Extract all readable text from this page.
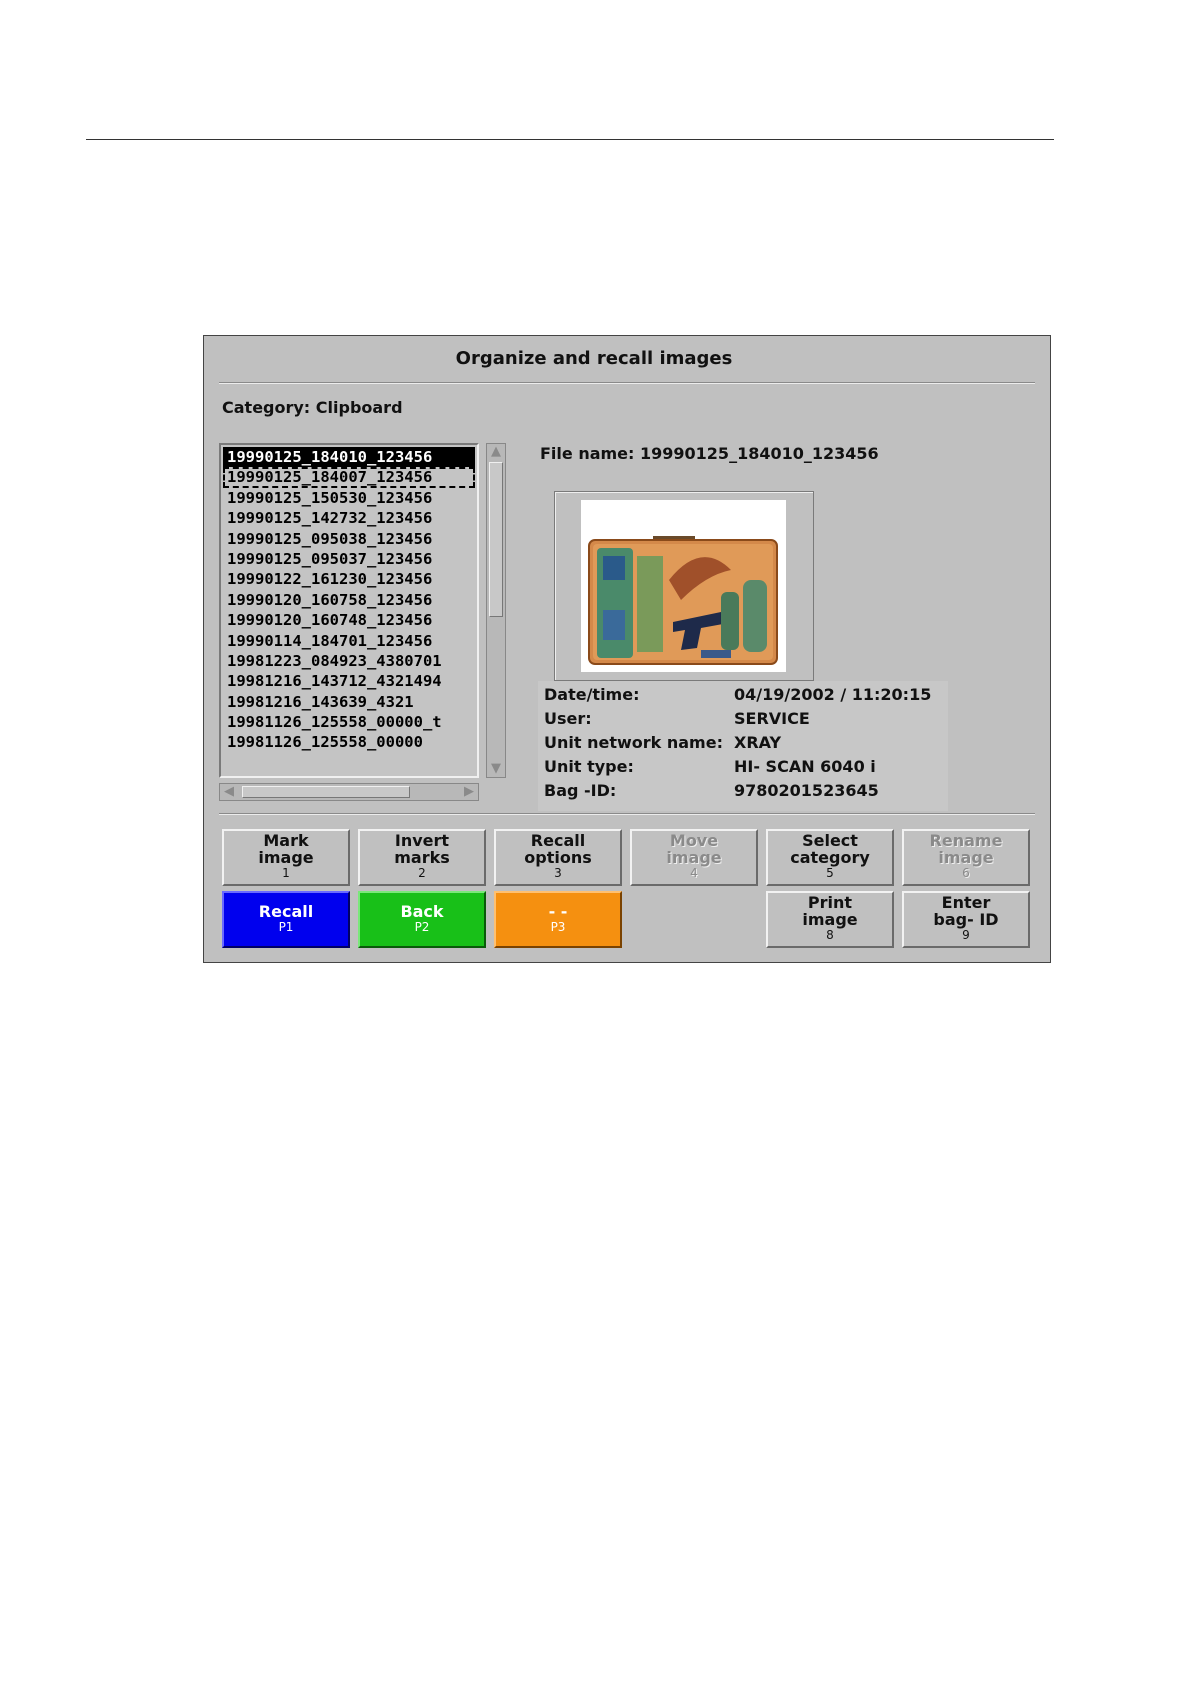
Organize and recall images
Category: Clipboard
19990125_184010_123456
19990125_184007_123456
19990125_150530_123456
19990125_142732_123456
19990125_095038_123456
19990125_095037_123456
19990122_161230_123456
19990120_160758_123456
19990120_160748_123456
19990114_184701_123456
19981223_084923_4380701
19981216_143712_4321494
19981216_143639_4321
19981126_125558_00000_t
19981126_125558_00000
▲
▼
◀	▶
File name: 19990125_184010_123456
Date/time:	04/19/2002 / 11:20:15
User:	SERVICE
Unit network name: XRAY
Unit type:	HI- SCAN 6040 i
Bag -ID:	9780201523645
Mark
image
1
Invert
marks
2
Recall
options
3
Move
image
4
Select
category
5
Rename
image
6
Recall
P1
Back
P2
- -
P3
Print
image
8
Enter
bag- ID
9
